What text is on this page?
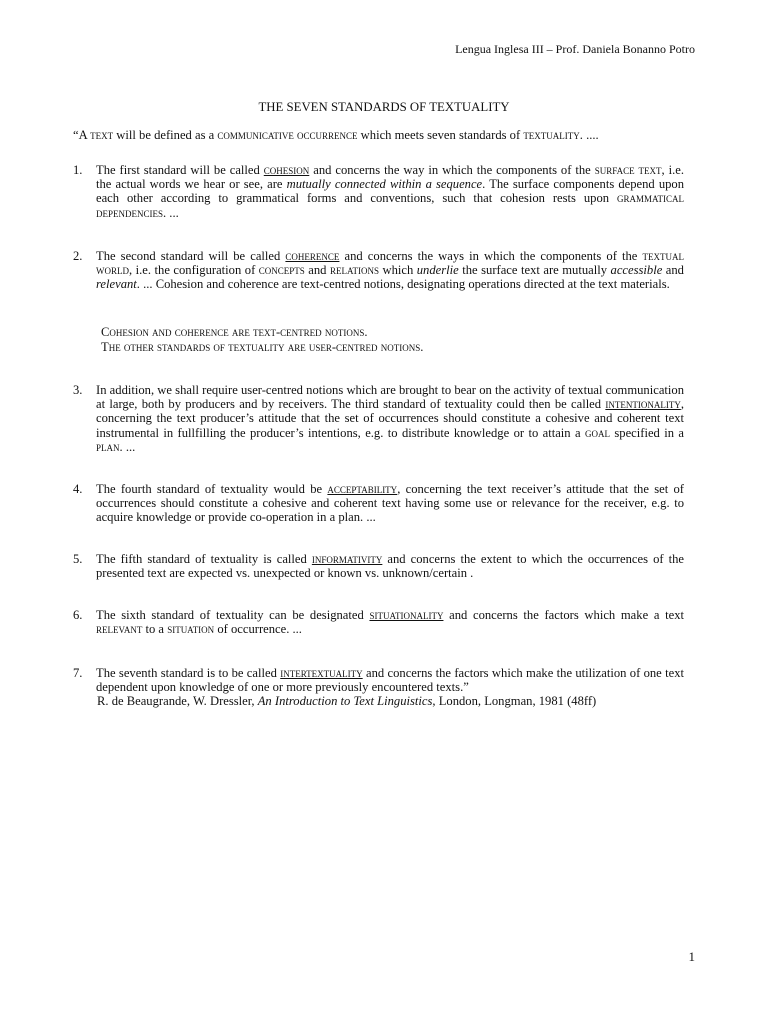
Lengua Inglesa III – Prof. Daniela Bonanno Potro
THE SEVEN STANDARDS OF TEXTUALITY
“A text will be defined as a communicative occurrence which meets seven standards of textuality. ....
1.	The first standard will be called cohesion and concerns the way in which the components of the surface text, i.e. the actual words we hear or see, are mutually connected within a sequence. The surface components depend upon each other according to grammatical forms and conventions, such that cohesion rests upon grammatical dependencies. ...
2.	The second standard will be called coherence and concerns the ways in which the components of the textual world, i.e. the configuration of concepts and relations which underlie the surface text are mutually accessible and relevant. ... Cohesion and coherence are text-centred notions, designating operations directed at the text materials.
Cohesion and coherence are text-centred notions.
The other standards of textuality are user-centred notions.
3.	In addition, we shall require user-centred notions which are brought to bear on the activity of textual communication at large, both by producers and by receivers. The third standard of textuality could then be called intentionality, concerning the text producer’s attitude that the set of occurrences should constitute a cohesive and coherent text instrumental in fullfilling the producer’s intentions, e.g. to distribute knowledge or to attain a goal specified in a plan. ...
4.	The fourth standard of textuality would be acceptability, concerning the text receiver’s attitude that the set of occurrences should constitute a cohesive and coherent text having some use or relevance for the receiver, e.g. to acquire knowledge or provide co-operation in a plan. ...
5.	The fifth standard of textuality is called informativity and concerns the extent to which the occurrences of the presented text are expected vs. unexpected or known vs. unknown/certain .
6.	The sixth standard of textuality can be designated situationality and concerns the factors which make a text relevant to a situation of occurrence. ...
7.	The seventh standard is to be called intertextuality and concerns the factors which make the utilization of one text dependent upon knowledge of one or more previously encountered texts.”
R. de Beaugrande, W. Dressler, An Introduction to Text Linguistics, London, Longman, 1981 (48ff)
1
